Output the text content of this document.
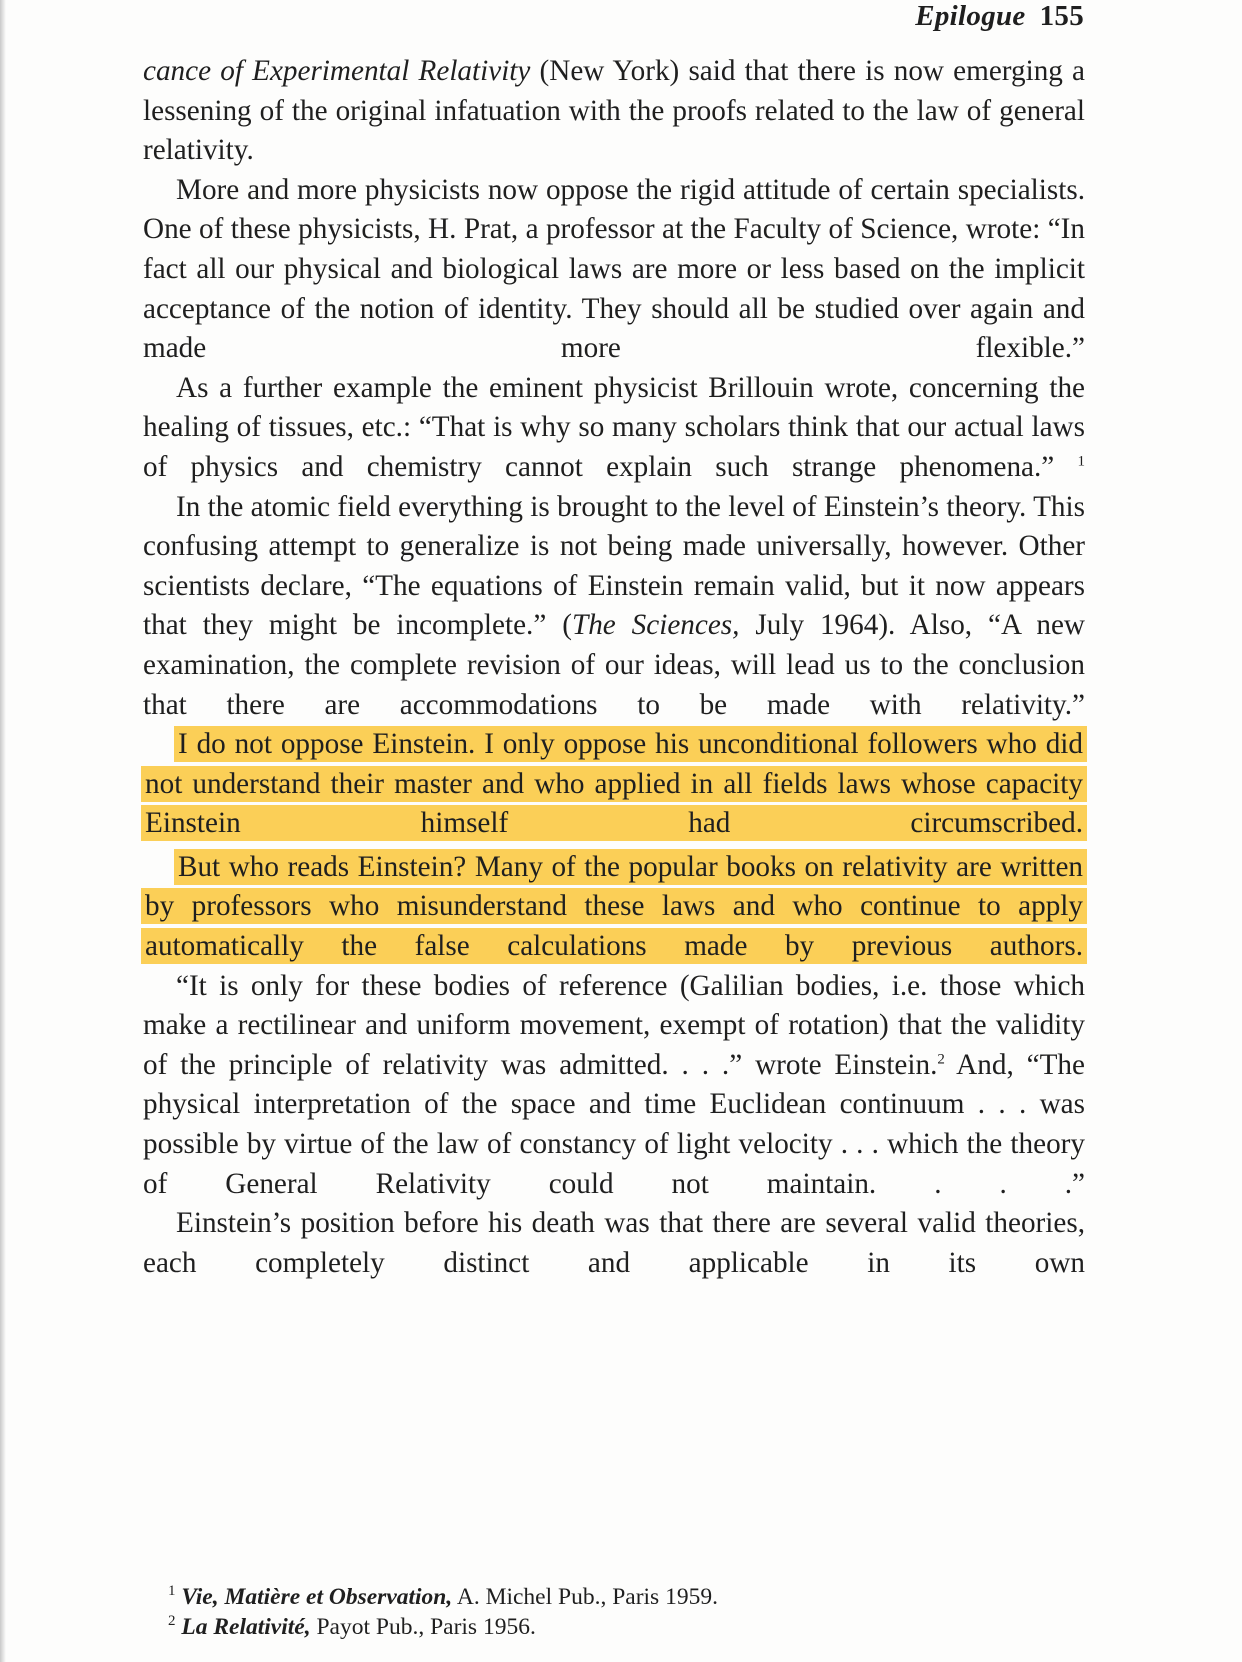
Epilogue 155

cance of Experimental Relativity (New York) said that there is now emerging a lessening of the original infatuation with the proofs related to the law of general relativity.

More and more physicists now oppose the rigid attitude of certain specialists. One of these physicists, H. Prat, a professor at the Faculty of Science, wrote: “In fact all our physical and biological laws are more or less based on the implicit acceptance of the notion of identity. They should all be studied over again and made more flexible.”

As a further example the eminent physicist Brillouin wrote, concerning the healing of tissues, etc.: “That is why so many scholars think that our actual laws of physics and chemistry cannot explain such strange phenomena.” $^1$

In the atomic field everything is brought to the level of Einstein’s theory. This confusing attempt to generalize is not being made universally, however. Other scientists declare, “The equations of Einstein remain valid, but it now appears that they might be incomplete.” (The Sciences, July 1964). Also, “A new examination, the complete revision of our ideas, will lead us to the conclusion that there are accommodations to be made with relativity.”

I do not oppose Einstein. I only oppose his unconditional followers who did not understand their master and who applied in all fields laws whose capacity Einstein himself had circumscribed.

But who reads Einstein? Many of the popular books on relativity are written by professors who misunderstand these laws and who continue to apply automatically the false calculations made by previous authors.

“It is only for these bodies of reference (Galilian bodies, i.e. those which make a rectilinear and uniform movement, exempt of rotation) that the validity of the principle of relativity was admitted. . . .” wrote Einstein.$^2$ And, “The physical interpretation of the space and time Euclidean continuum . . . was possible by virtue of the law of constancy of light velocity . . . which the theory of General Relativity could not maintain. . . .”

Einstein’s position before his death was that there are several valid theories, each completely distinct and applicable in its own

$^1$ Vie, Matière et Observation, A. Michel Pub., Paris 1959.

$^2$ La Relativité, Payot Pub., Paris 1956.
